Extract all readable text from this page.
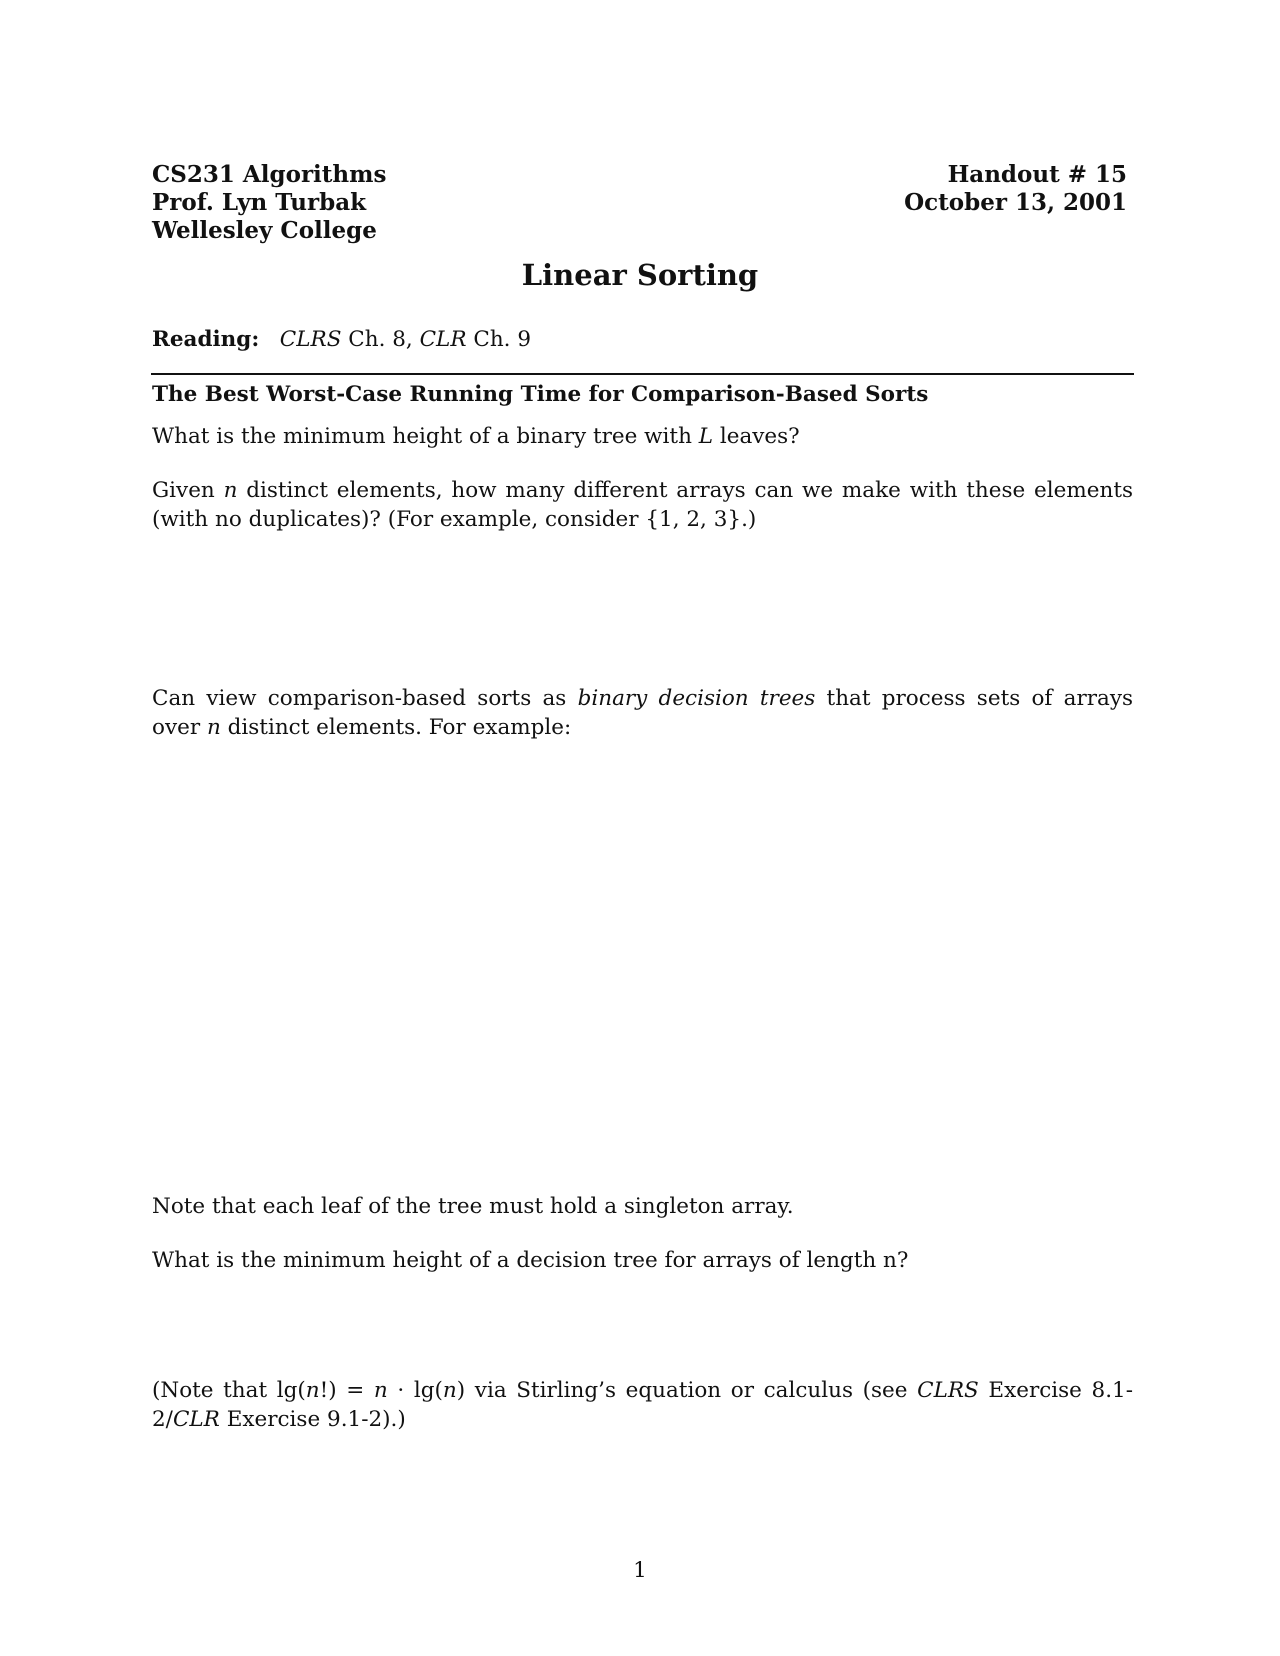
CS231 Algorithms
Prof. Lyn Turbak
Wellesley College
Handout # 15
October 13, 2001
Linear Sorting
Reading: CLRS Ch. 8, CLR Ch. 9
The Best Worst-Case Running Time for Comparison-Based Sorts
What is the minimum height of a binary tree with L leaves?
Given n distinct elements, how many different arrays can we make with these elements (with no duplicates)? (For example, consider {1, 2, 3}.)
Can view comparison-based sorts as binary decision trees that process sets of arrays over n distinct elements. For example:
Note that each leaf of the tree must hold a singleton array.
What is the minimum height of a decision tree for arrays of length n?
(Note that lg(n!) = n · lg(n) via Stirling’s equation or calculus (see CLRS Exercise 8.1-2/CLR Exercise 9.1-2).)
1
